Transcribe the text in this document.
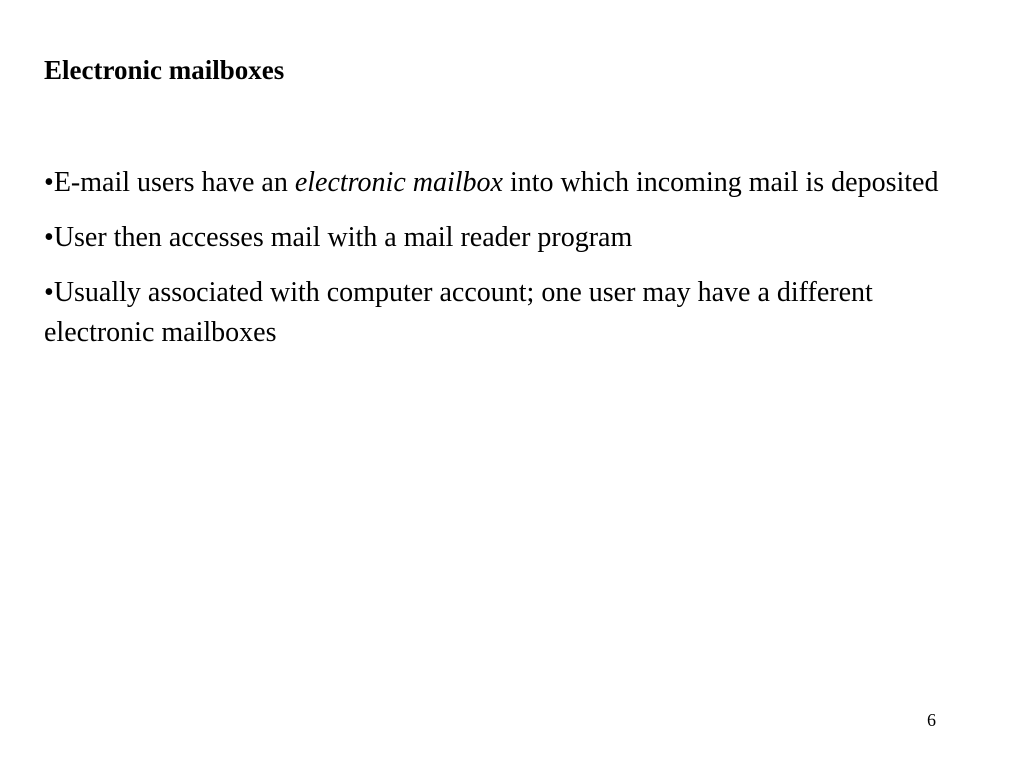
Electronic mailboxes
•E-mail users have an electronic mailbox into which incoming mail is deposited
•User then accesses mail with a mail reader program
•Usually associated with computer account; one user may have a different electronic mailboxes
6
